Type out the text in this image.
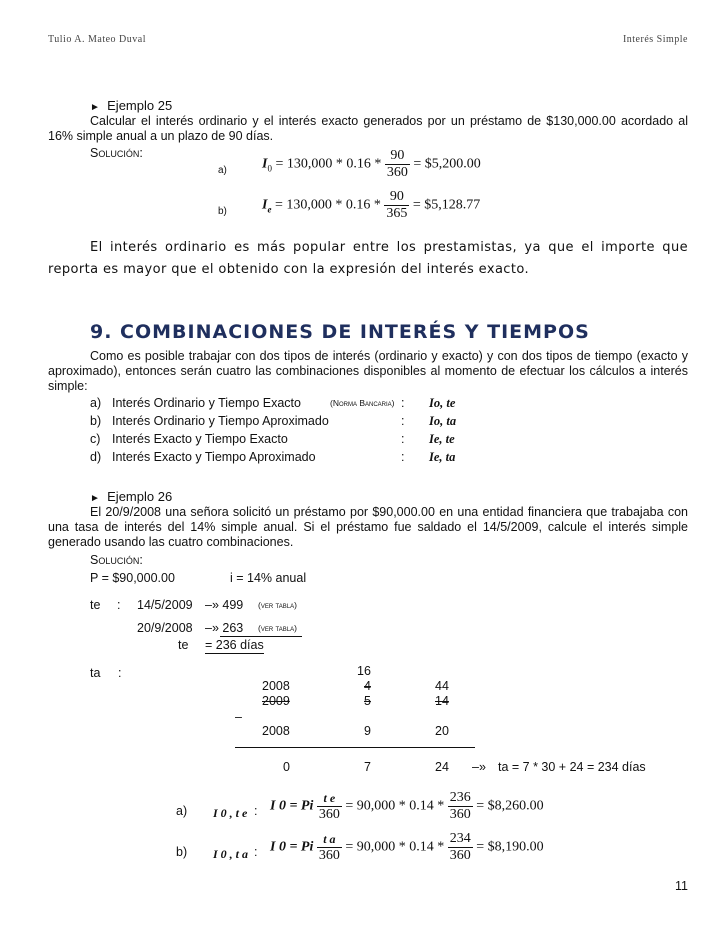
Tulio A. Mateo Duval	Interés Simple
► Ejemplo 25
Calcular el interés ordinario y el interés exacto generados por un préstamo de $130,000.00 acordado al 16% simple anual a un plazo de 90 días.
Solución:
a)	$I_0 = 130,000 * 0.16 * \frac{90}{360}$ = $5,200.00
b)	$I_e = 130,000 * 0.16 * \frac{90}{365}$ = $5,128.77
El interés ordinario es más popular entre los prestamistas, ya que el importe que reporta es mayor que el obtenido con la expresión del interés exacto.
9. COMBINACIONES DE INTERÉS Y TIEMPOS
Como es posible trabajar con dos tipos de interés (ordinario y exacto) y con dos tipos de tiempo (exacto y aproximado), entonces serán cuatro las combinaciones disponibles al momento de efectuar los cálculos a interés simple:
a) Interés Ordinario y Tiempo Exacto	(Norma Bancaria) : Io, te
b) Interés Ordinario y Tiempo Aproximado	: Io, ta
c) Interés Exacto y Tiempo Exacto	: Ie, te
d) Interés Exacto y Tiempo Aproximado	: Ie, ta
► Ejemplo 26
El 20/9/2008 una señora solicitó un préstamo por $90,000.00 en una entidad financiera que trabajaba con una tasa de interés del 14% simple anual. Si el préstamo fue saldado el 14/5/2009, calcule el interés simple generado usando las cuatro combinaciones.
Solución:
P = $90,000.00	i = 14% anual
te : 14/5/2009 –» 499 (ver tabla)
20/9/2008 –» 263 (ver tabla)
te = 236 días
ta :	16
2008	4	44
2009	5	14
–
2008	9	20
0	7	24 –» ta = 7 * 30 + 24 = 234 días
a) I 0 , t e : I 0 = Pi $\frac{\text{t e}}{360} = 90,000 * 0.14 * \frac{236}{360}$ = $8,260.00
b) I 0 , t a : I 0 = Pi $\frac{\text{t a}}{360} = 90,000 * 0.14 * \frac{234}{360}$ = $8,190.00
11
